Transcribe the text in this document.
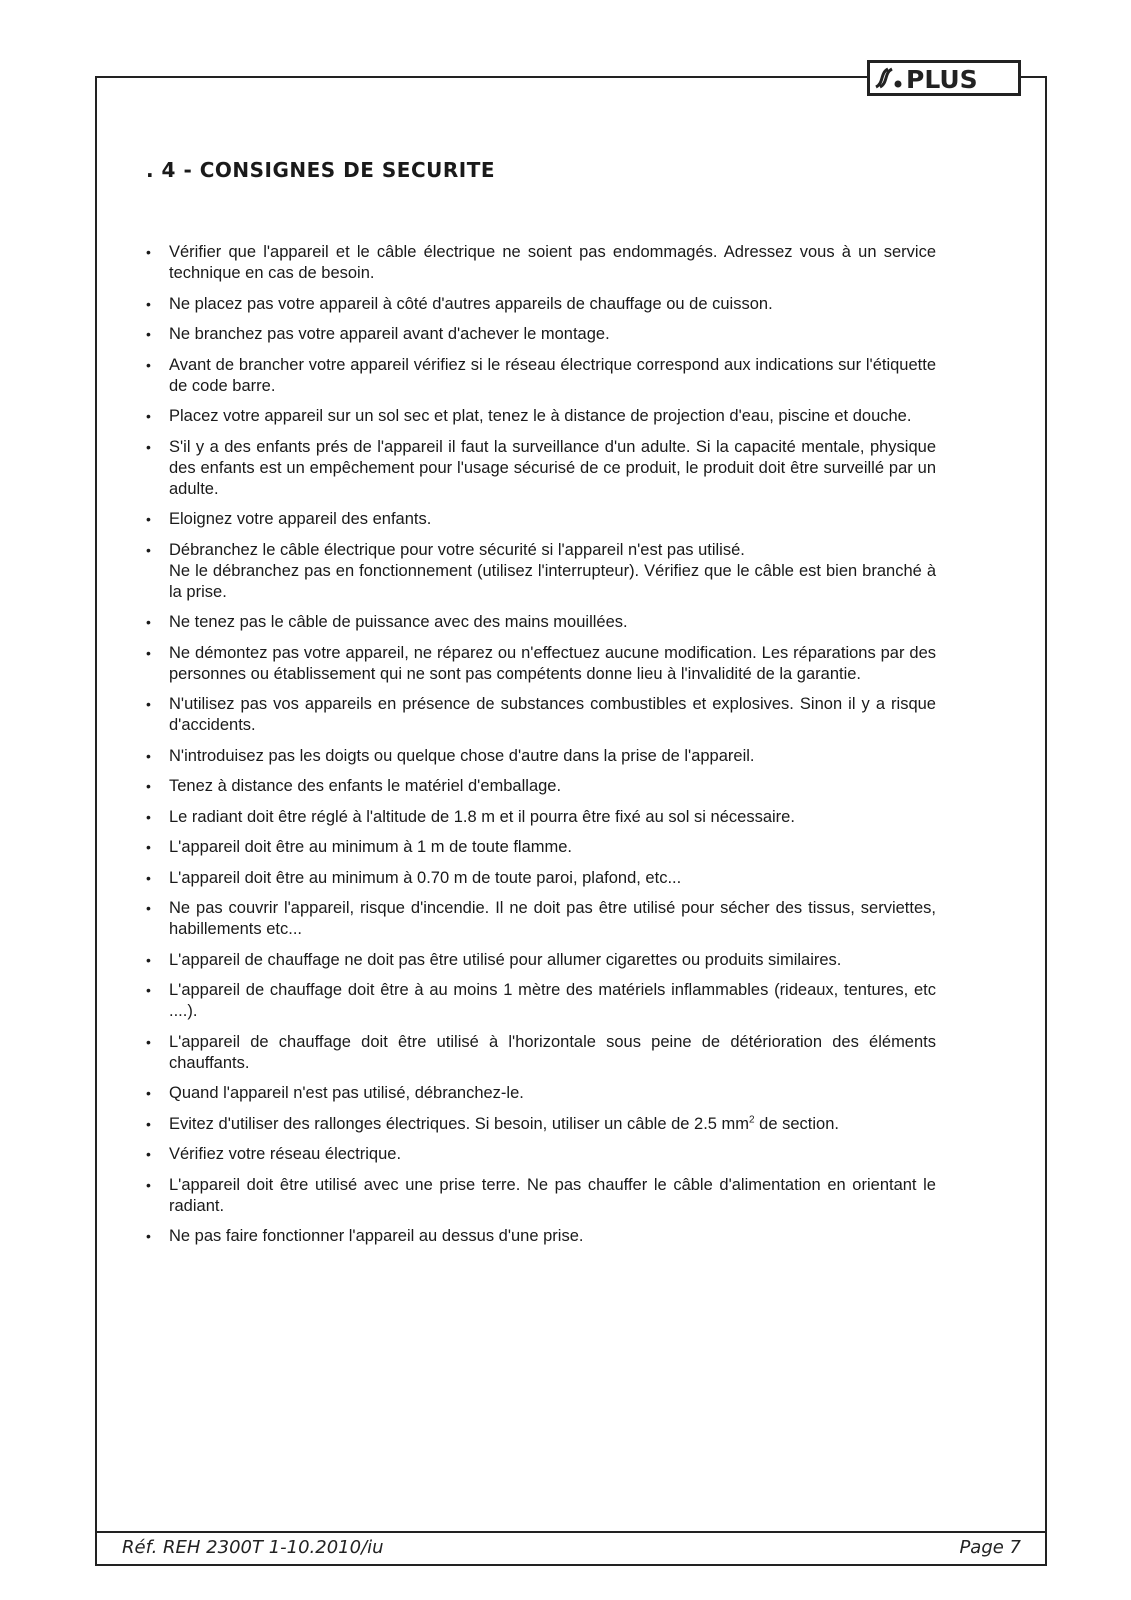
PLUS
. 4 - CONSIGNES DE SECURITE
• Vérifier que l'appareil et le câble électrique ne soient pas endommagés. Adressez vous à un service technique en cas de besoin.
• Ne placez pas votre appareil à côté d'autres appareils de chauffage ou de cuisson.
• Ne branchez pas votre appareil avant d'achever le montage.
• Avant de brancher votre appareil vérifiez si le réseau électrique correspond aux indications sur l'étiquette de code barre.
• Placez votre appareil sur un sol sec et plat, tenez le à distance de projection d'eau, piscine et douche.
• S'il y a des enfants prés de l'appareil il faut la surveillance d'un adulte. Si la capacité mentale, physique des enfants est un empêchement pour l'usage sécurisé de ce produit, le produit doit être surveillé par un adulte.
• Eloignez votre appareil des enfants.
• Débranchez le câble électrique pour votre sécurité si l'appareil n'est pas utilisé.
Ne le débranchez pas en fonctionnement (utilisez l'interrupteur). Vérifiez que le câble est bien branché à la prise.
• Ne tenez pas le câble de puissance avec des mains mouillées.
• Ne démontez pas votre appareil, ne réparez ou n'effectuez aucune modification. Les réparations par des personnes ou établissement qui ne sont pas compétents donne lieu à l'invalidité de la garantie.
• N'utilisez pas vos appareils en présence de substances combustibles et explosives. Sinon il y a risque d'accidents.
• N'introduisez pas les doigts ou quelque chose d'autre dans la prise de l'appareil.
• Tenez à distance des enfants le matériel d'emballage.
• Le radiant doit être réglé à l'altitude de 1.8 m et il pourra être fixé au sol si nécessaire.
• L'appareil doit être au minimum à 1 m de toute flamme.
• L'appareil doit être au minimum à 0.70 m de toute paroi, plafond, etc...
• Ne pas couvrir l'appareil, risque d'incendie. Il ne doit pas être utilisé pour sécher des tissus, serviettes, habillements etc...
• L'appareil de chauffage ne doit pas être utilisé pour allumer cigarettes ou produits similaires.
• L'appareil de chauffage doit être à au moins 1 mètre des matériels inflammables (rideaux, tentures, etc ....).
• L'appareil de chauffage doit être utilisé à l'horizontale sous peine de détérioration des éléments chauffants.
• Quand l'appareil n'est pas utilisé, débranchez-le.
• Evitez d'utiliser des rallonges électriques. Si besoin, utiliser un câble de 2.5 $mm^2$ de section.
• Vérifiez votre réseau électrique.
• L'appareil doit être utilisé avec une prise terre. Ne pas chauffer le câble d'alimentation en orientant le radiant.
• Ne pas faire fonctionner l'appareil au dessus d'une prise.
Réf. REH 2300T 1-10.2010/iu	Page 7
